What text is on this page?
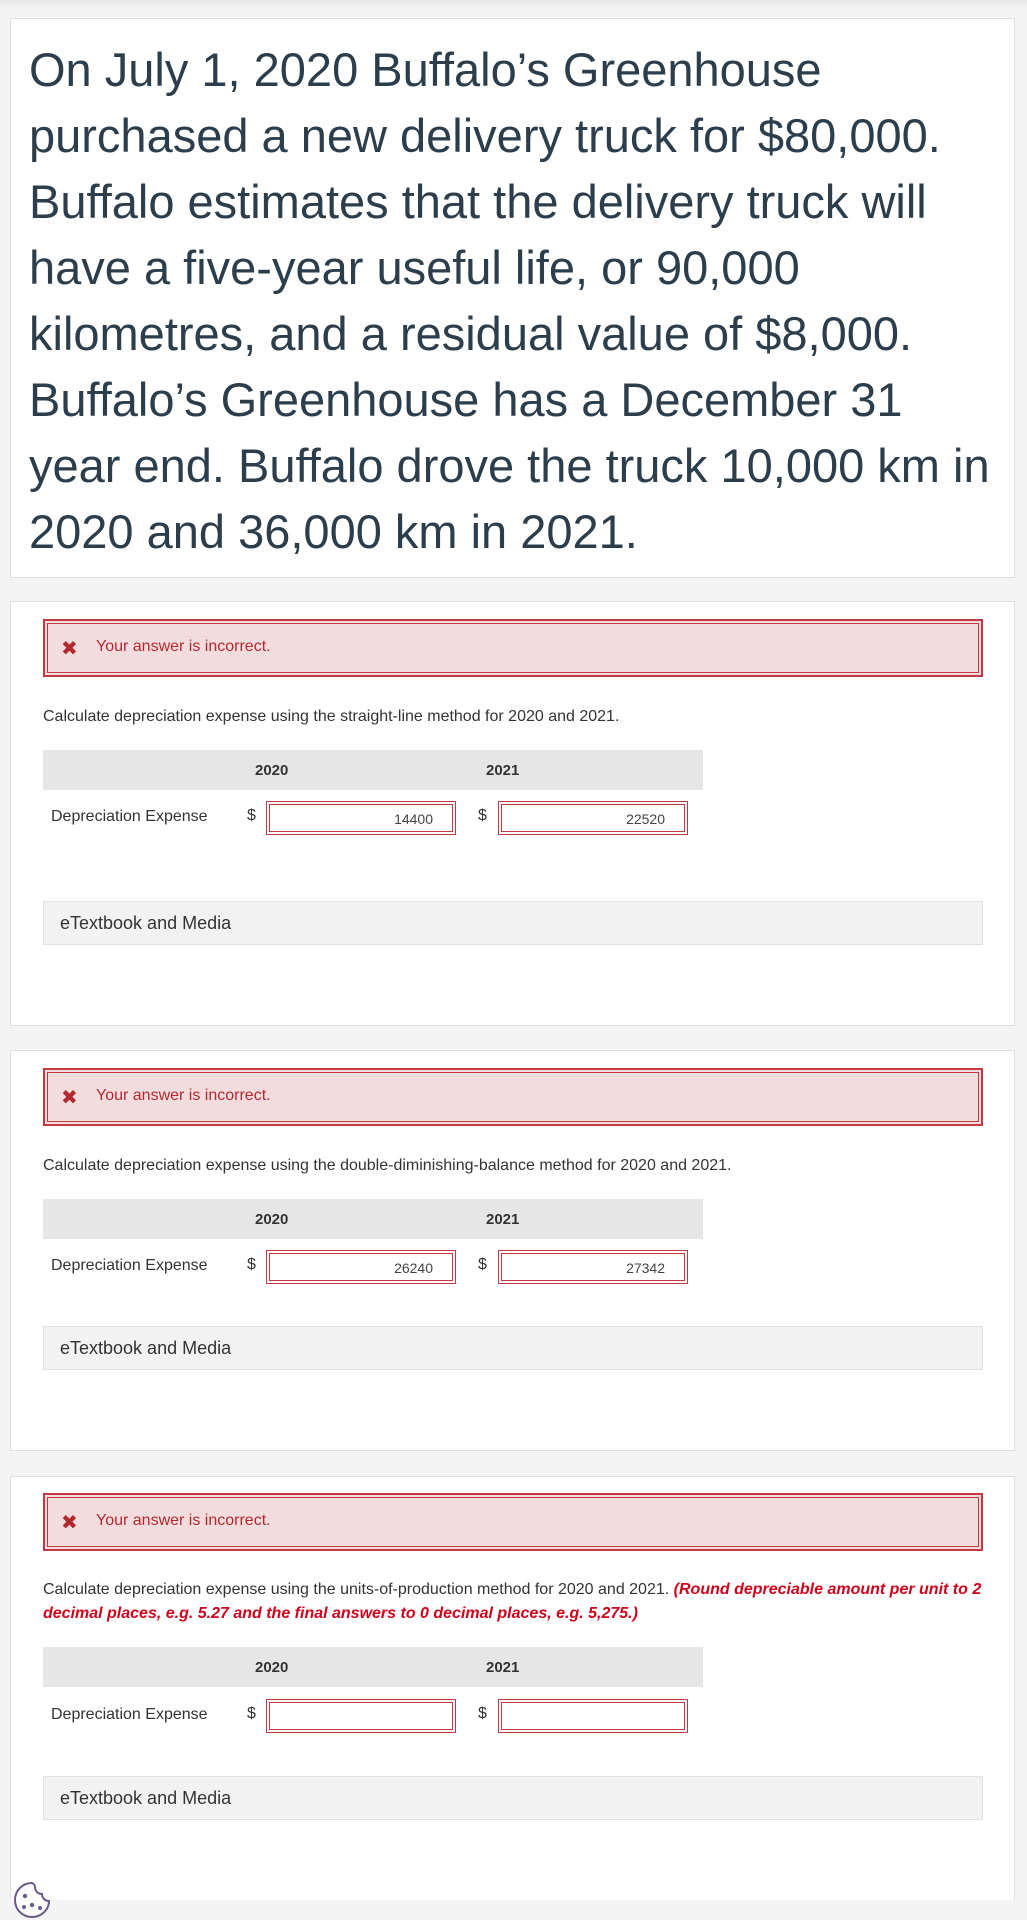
On July 1, 2020 Buffalo’s Greenhouse purchased a new delivery truck for $80,000. Buffalo estimates that the delivery truck will have a five-year useful life, or 90,000 kilometres, and a residual value of $8,000. Buffalo’s Greenhouse has a December 31 year end. Buffalo drove the truck 10,000 km in 2020 and 36,000 km in 2021.

✖ Your answer is incorrect.

Calculate depreciation expense using the straight-line method for 2020 and 2021.

2020	2021
Depreciation Expense $	14400	$	22520
eTextbook and Media
✖ Your answer is incorrect.

Calculate depreciation expense using the double-diminishing-balance method for 2020 and 2021.

2020	2021
Depreciation Expense $	26240	$	27342
eTextbook and Media
✖ Your answer is incorrect.

Calculate depreciation expense using the units-of-production method for 2020 and 2021. (Round depreciable amount per unit to 2 decimal places, e.g. 5.27 and the final answers to 0 decimal places, e.g. 5,275.)

2020	2021
Depreciation Expense $	$
eTextbook and Media
